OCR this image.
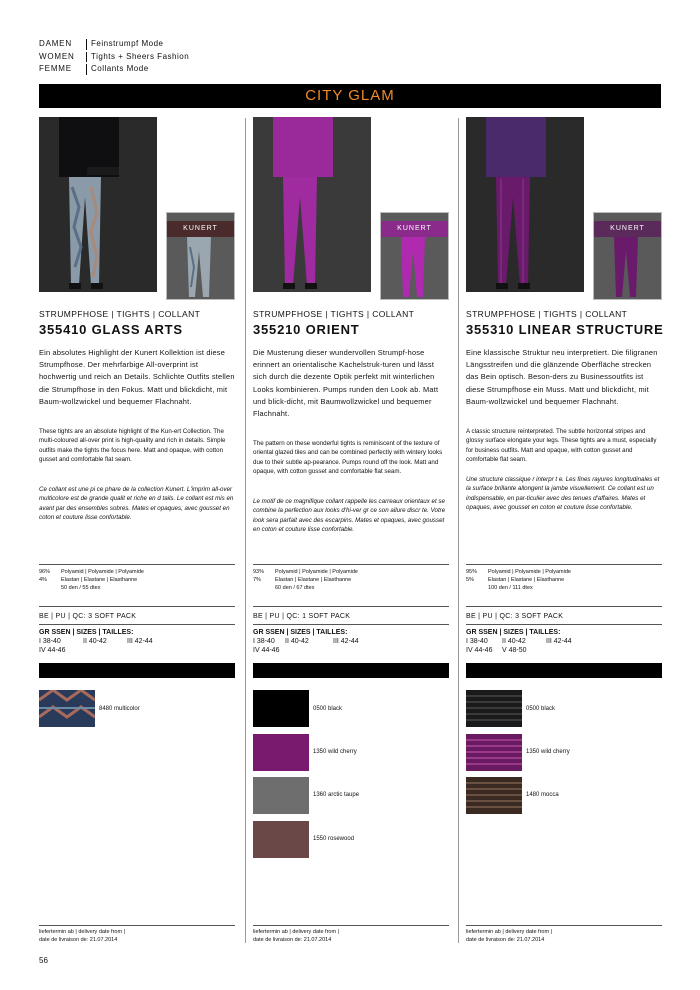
DAMEN	Feinstrumpf Mode
WOMEN	Tights + Sheers Fashion
FEMME	Collants Mode
CITY GLAM
KUNERT
STRUMPFHOSE | TIGHTS | COLLANT
355410 GLASS ARTS
Ein absolutes Highlight der Kunert Kollektion ist diese Strumpfhose. Der mehrfarbige All-overprint ist hochwertig und reich an Details. Schlichte Outfits stellen die Strumpfhose in den Fokus. Matt und blickdicht, mit Baum-wollzwickel und bequemer Flachnaht.
These tights are an absolute highlight of the Kun-ert Collection. The multi-coloured all-over print is high-quality and rich in details. Simple outfits make the tights the focus here. Matt and opaque, with cotton gusset and comfortable flat seam.
Ce collant est une pi ce phare de la collection Kunert. L'imprim all-over multicolore est de grande qualit et riche en d tails. Le collant est mis en avant par des ensembles sobres. Mates et opaques, avec gousset en coton et couture lisse confortable.
96% Polyamid | Polyamide | Polyamide
4%	Elastan | Elastane | Elasthanne
50 den / 55 dtex
BE | PU | QC: 3 SOFT PACK
GR SSEN | SIZES | TAILLES:
I 38-40	II 40-42	III 42-44
IV 44-46
8480 multicolor
liefertermin ab | delivery date from |
date de livraison de: 21.07.2014
KUNERT
STRUMPFHOSE | TIGHTS | COLLANT
355210 ORIENT
Die Musterung dieser wundervollen Strumpf-hose erinnert an orientalische Kachelstruk-turen und lässt sich durch die dezente Optik perfekt mit winterlichen Looks kombinieren. Pumps runden den Look ab. Matt und blick-dicht, mit Baumwollzwickel und bequemer Flachnaht.
The pattern on these wonderful tights is reminiscent of the texture of oriental glazed tiles and can be combined perfectly with wintery looks due to their subtle ap-pearance. Pumps round off the look. Matt and opaque, with cotton gusset and comfortable flat seam.
Le motif de ce magnifique collant rappelle les carreaux orientaux et se combine la perfection aux looks d'hi-ver gr ce son allure discr te. Votre look sera parfait avec des escarpins. Mates et opaques, avec gousset en coton et couture lisse confortable.
93% Polyamid | Polyamide | Polyamide
7%	Elastan | Elastane | Elasthanne
60 den / 67 dtex
BE | PU | QC: 1 SOFT PACK
GR SSEN | SIZES | TAILLES:
I 38-40 II 40-42	III 42-44
IV 44-46
0500 black
1350 wild cherry
1360 arctic taupe
1550 rosewood
liefertermin ab | delivery date from |
date de livraison de: 21.07.2014
KUNERT
STRUMPFHOSE | TIGHTS | COLLANT
355310 LINEAR STRUCTURE
Eine klassische Struktur neu interpretiert. Die filigranen Längsstreifen und die glänzende Oberfläche strecken das Bein optisch. Beson-ders zu Businessoutfits ist diese Strumpfhose ein Muss. Matt und blickdicht, mit Baum-wollzwickel und bequemer Flachnaht.
A classic structure reinterpreted. The subtle horizontal stripes and glossy surface elongate your legs. These tights are a must, especially for business outfits. Matt and opaque, with cotton gusset and comfortable flat seam.
Une structure classique r interpr t e. Les fines rayures longitudinales et la surface brillante allongent la jambe visuellement. Ce collant est un indispensable, en par-ticulier avec des tenues d'affaires. Mates et opaques, avec gousset en coton et couture lisse confortable.
95% Polyamid | Polyamide | Polyamide
5%	Elastan | Elastane | Elasthanne
100 den / 111 dtex
BE | PU | QC: 3 SOFT PACK
GR SSEN | SIZES | TAILLES:
I 38-40 II 40-42	III 42-44
IV 44-46 V 48-50
0500 black
1350 wild cherry
1480 mocca
liefertermin ab | delivery date from |
date de livraison de: 21.07.2014
56
